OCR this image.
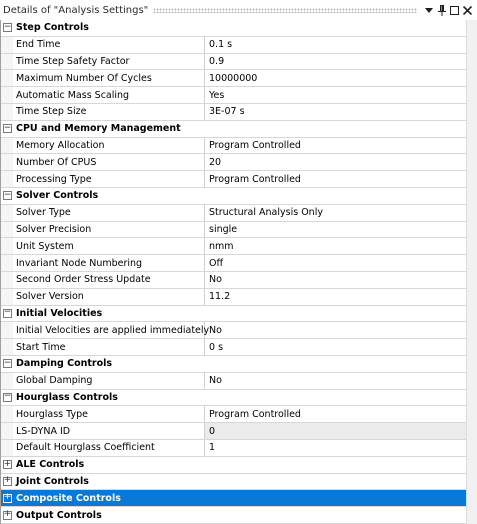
Details of "Analysis Settings"
− Step Controls
End Time	0.1 s
Time Step Safety Factor	0.9
Maximum Number Of Cycles	10000000
Automatic Mass Scaling	Yes
Time Step Size	3E-07 s
− CPU and Memory Management
Memory Allocation	Program Controlled
Number Of CPUS	20
Processing Type	Program Controlled
− Solver Controls
Solver Type	Structural Analysis Only
Solver Precision	single
Unit System	nmm
Invariant Node Numbering	Off
Second Order Stress Update	No
Solver Version	11.2
− Initial Velocities
Initial Velocities are applied immediately No
Start Time	0 s
− Damping Controls
Global Damping	No
− Hourglass Controls
Hourglass Type	Program Controlled
LS-DYNA ID	0
Default Hourglass Coefficient	1
+ ALE Controls
+ Joint Controls
+ Composite Controls
+ Output Controls
